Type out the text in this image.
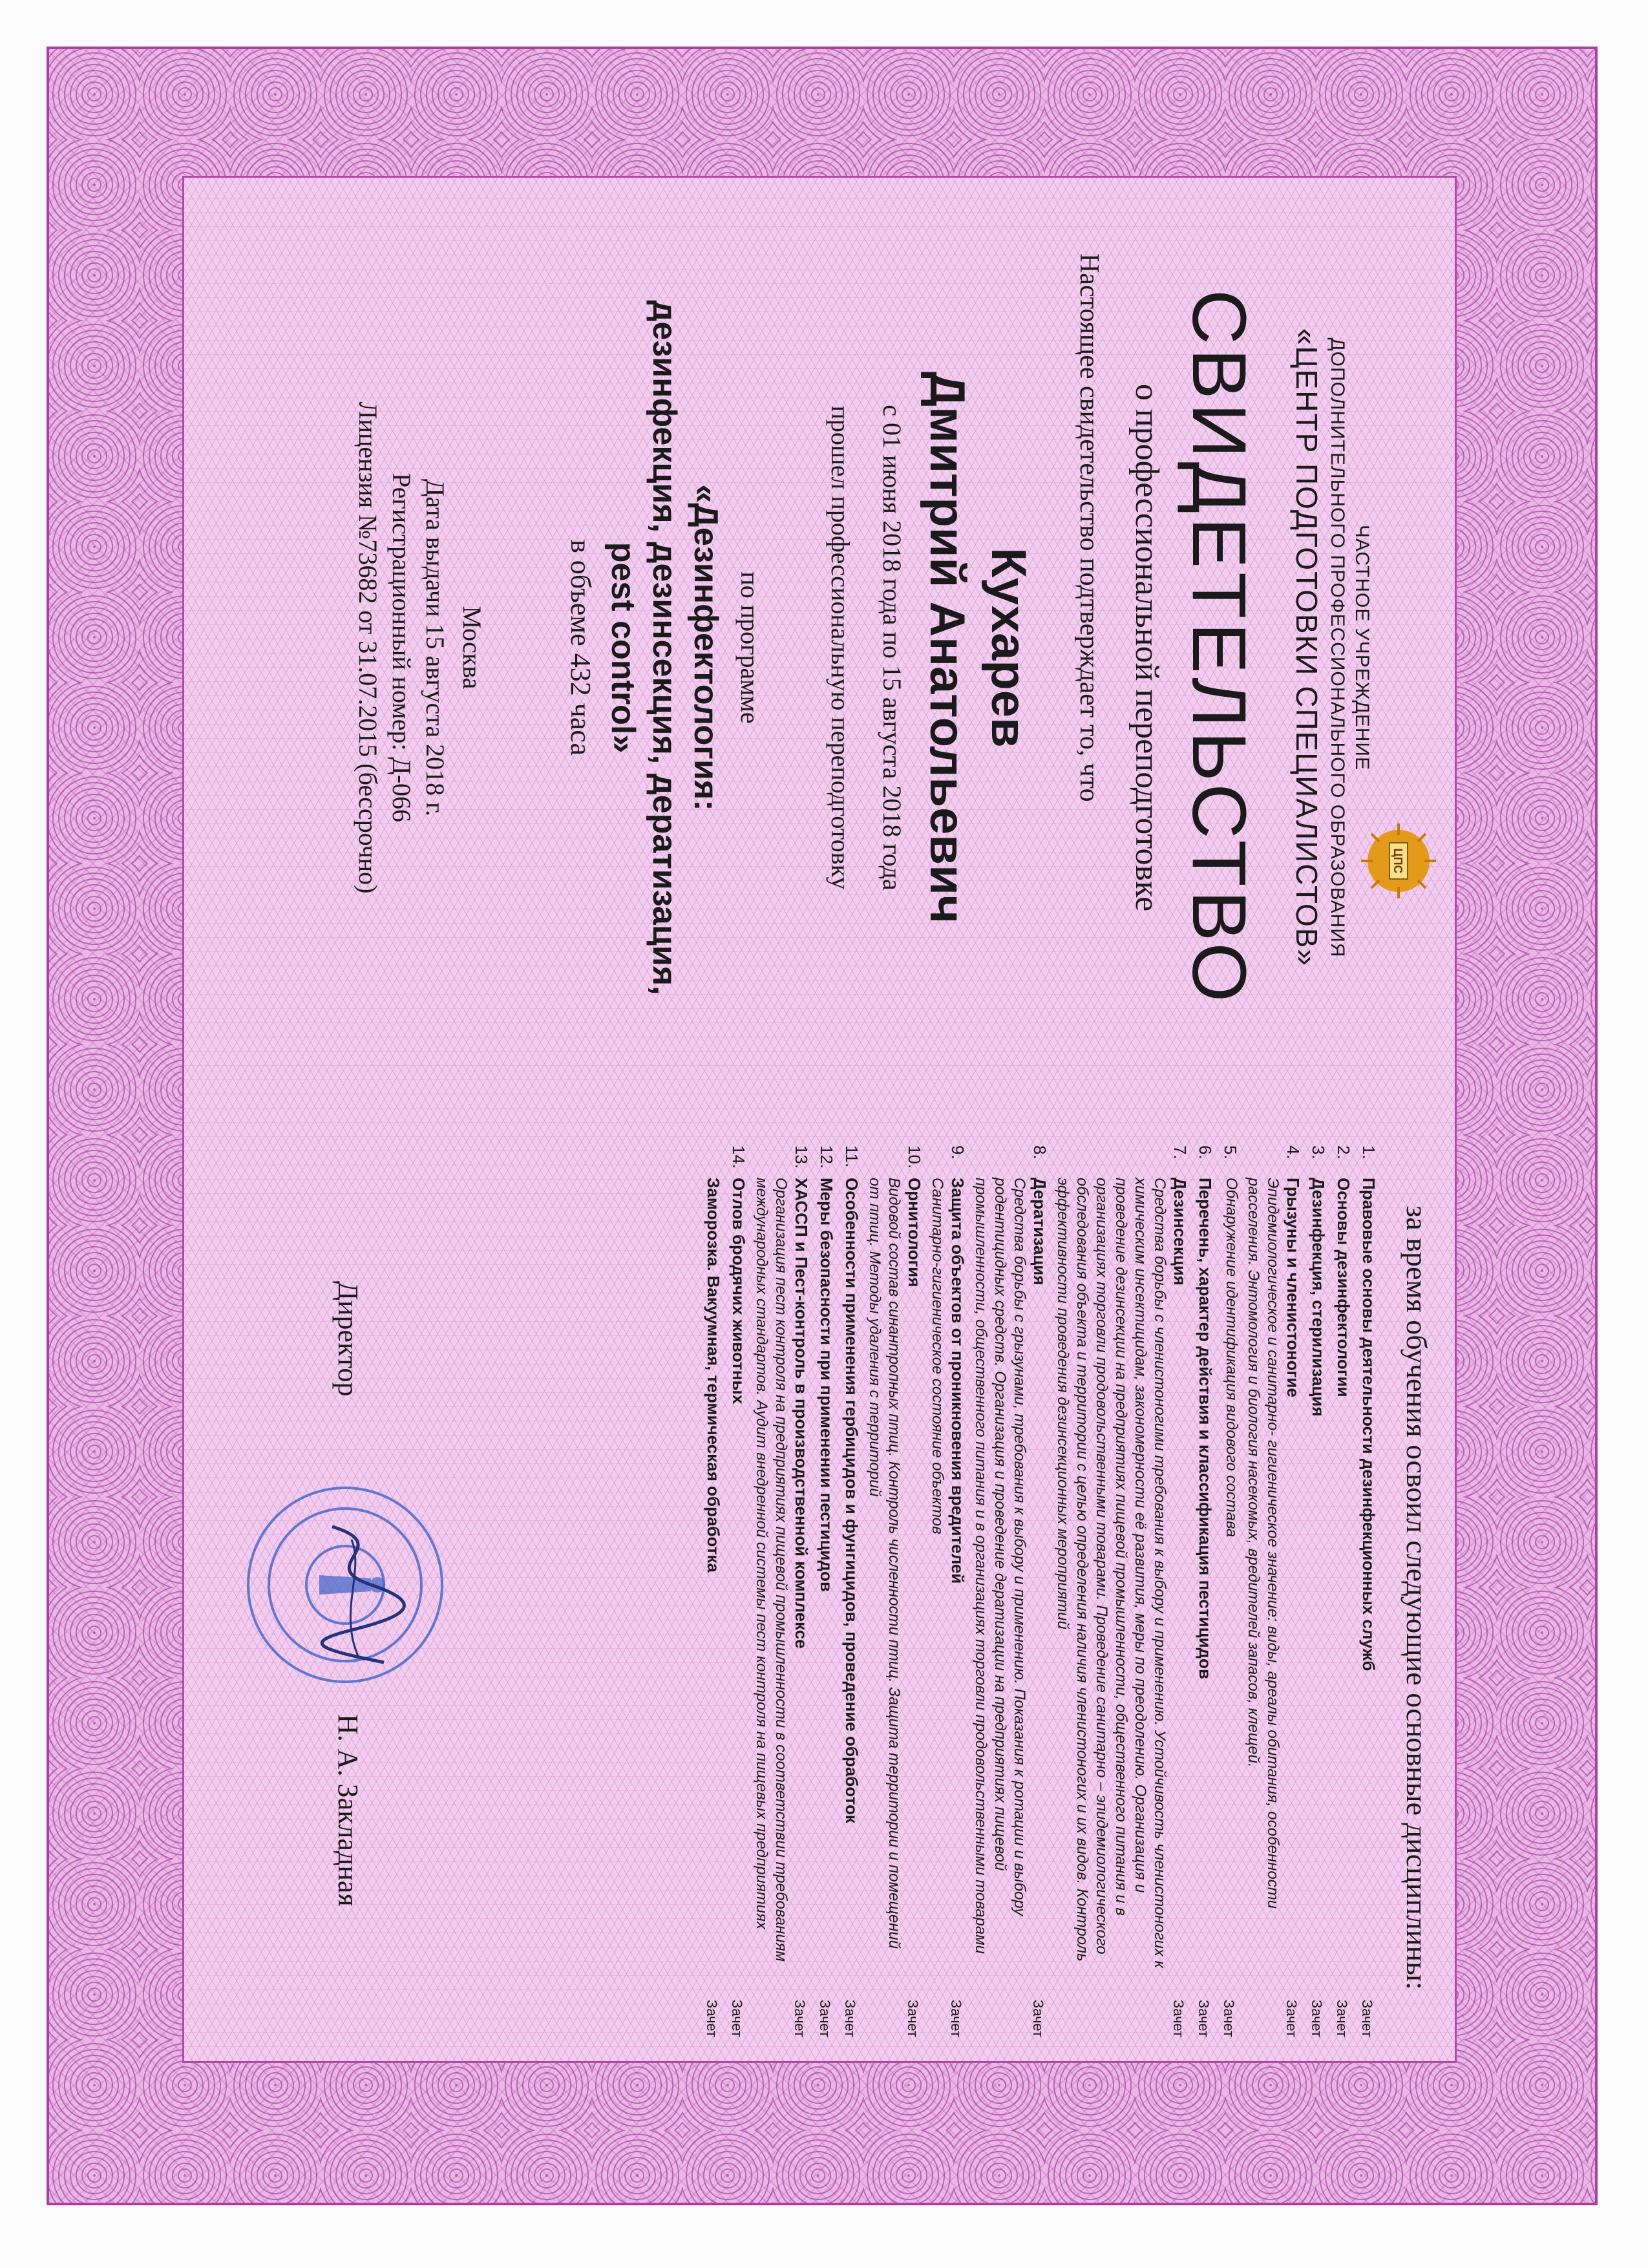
ЦПС
ЧАСТНОЕ УЧРЕЖДЕНИЕ
ДОПОЛНИТЕЛЬНОГО ПРОФЕССИОНАЛЬНОГО ОБРАЗОВАНИЯ
«ЦЕНТР ПОДГОТОВКИ СПЕЦИАЛИСТОВ»
СВИДЕТЕЛЬСТВО
о профессиональной переподготовке
Настоящее свидетельство подтверждает то, что
Кухарев
Дмитрий Анатольевич
с 01 июня 2018 года по 15 августа 2018 года
прошел профессиональную переподготовку
по программе
«Дезинфектология:
дезинфекция, дезинсекция, дератизация,
pest control»
в объеме 432 часа
Москва
Дата выдачи 15 августа 2018 г.
Регистрационный номер: Д-066
Лицензия №73682 от 31.07.2015 (бессрочно)
за время обучения освоил следующие основные дисциплины:
1.
Правовые основы деятельности дезинфекционных служб
Зачет
2.
Основы дезинфектологии
Зачет
3.
Дезинфекция, стерилизация
Зачет
4.
Грызуны и членистоногие
Эпидемиологическое и санитарно- гигиеническое значение: виды, ареалы обитания, особенности расселения. Энтомология и биология насекомых, вредителей запасов, клещей.
Зачет
5.
Обнаружение идентификация видового состава
Зачет
6.
Перечень, характер действия и классификация пестицидов
Зачет
7.
Дезинсекция
Средства борьбы с членистоногими требования к выбору и применению. Устойчивость членистоногих к химическим инсектицидам, закономерности её развития, меры по преодолению. Организация и проведение дезинсекции на предприятиях пищевой промышленности, общественного питания и в организациях торговли продовольственными товарами. Проведение санитарно – эпидемиологического обследования объекта и территории с целью определения наличия членистоногих и их видов. Контроль эффективности проведения дезинсекционных мероприятий
Зачет
8.
Дератизация
Средства борьбы с грызунами, требования к выбору и применению. Показания к ротации и выбору родентицидных средств. Организация и проведение дератизации на предприятиях пищевой промышленности, общественного питания и в организациях торговли продовольственными товарами
Зачет
9.
Защита объектов от проникновения вредителей
Санитарно-гигиеническое состояние объектов
Зачет
10.
Орнитология
Видовой состав синантропных птиц. Контроль численности птиц. Защита территории и помещений от птиц. Методы удаления с территорий
Зачет
11.
Особенности применения гербицидов и фунгицидов, проведение обработок
Зачет
12.
Меры безопасности при применении пестицидов
Зачет
13.
ХАССП и Пест-контроль в производственной комплексе
Организация пест контроля на предприятиях пищевой промышленности в соответствии требованиям международных стандартов. Аудит внедренной системы пест контроля на пищевых предприятиях
Зачет
14.
Отлов бродячих животных
Зачет
Заморозка. Вакуумная, термическая обработка
Зачет
Директор
Н. А. Закладная
